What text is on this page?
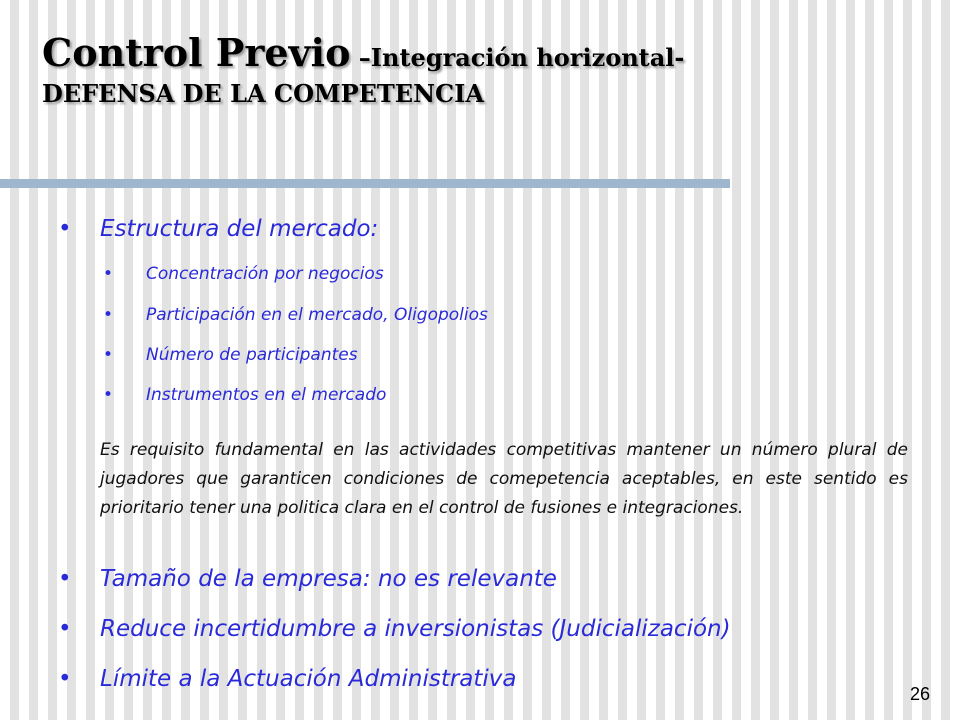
Control Previo –Integración horizontal-
DEFENSA DE LA COMPETENCIA
• Estructura del mercado:
• Concentración por negocios
• Participación en el mercado, Oligopolios
• Número de participantes
• Instrumentos en el mercado

Es requisito fundamental en las actividades competitivas mantener un número plural de jugadores que garanticen condiciones de comepetencia aceptables, en este sentido es prioritario tener una politica clara en el control de fusiones e integraciones.

• Tamaño de la empresa: no es relevante
• Reduce incertidumbre a inversionistas (Judicialización)
• Límite a la Actuación Administrativa
26
